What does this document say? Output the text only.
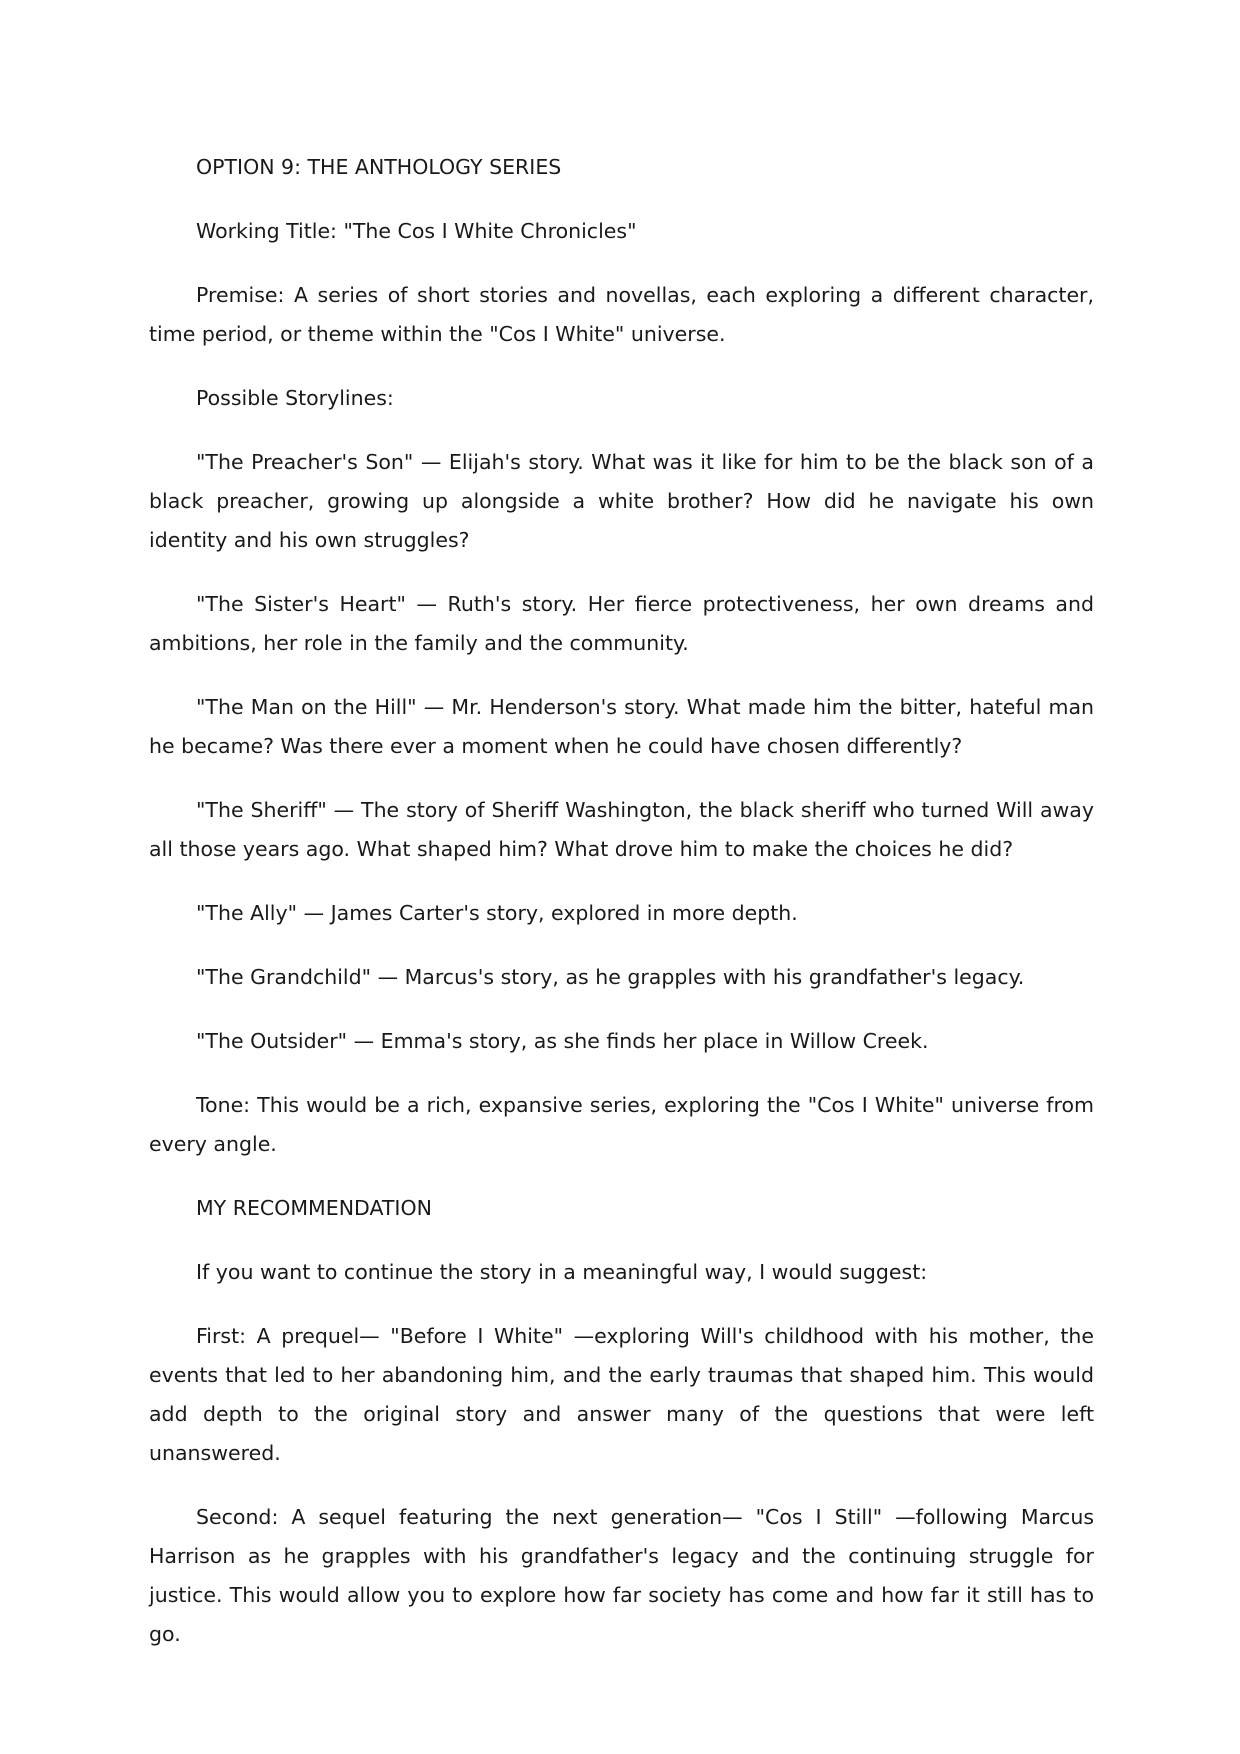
OPTION 9: THE ANTHOLOGY SERIES

Working Title: "The Cos I White Chronicles"

Premise: A series of short stories and novellas, each exploring a different character, time period, or theme within the "Cos I White" universe.

Possible Storylines:

"The Preacher's Son" — Elijah's story. What was it like for him to be the black son of a black preacher, growing up alongside a white brother? How did he navigate his own identity and his own struggles?

"The Sister's Heart" — Ruth's story. Her fierce protectiveness, her own dreams and ambitions, her role in the family and the community.

"The Man on the Hill" — Mr. Henderson's story. What made him the bitter, hateful man he became? Was there ever a moment when he could have chosen differently?

"The Sheriff" — The story of Sheriff Washington, the black sheriff who turned Will away all those years ago. What shaped him? What drove him to make the choices he did?

"The Ally" — James Carter's story, explored in more depth.

"The Grandchild" — Marcus's story, as he grapples with his grandfather's legacy.

"The Outsider" — Emma's story, as she finds her place in Willow Creek.

Tone: This would be a rich, expansive series, exploring the "Cos I White" universe from every angle.

MY RECOMMENDATION

If you want to continue the story in a meaningful way, I would suggest:

First: A prequel— "Before I White" —exploring Will's childhood with his mother, the events that led to her abandoning him, and the early traumas that shaped him. This would add depth to the original story and answer many of the questions that were left unanswered.

Second: A sequel featuring the next generation— "Cos I Still" —following Marcus Harrison as he grapples with his grandfather's legacy and the continuing struggle for justice. This would allow you to explore how far society has come and how far it still has to go.
